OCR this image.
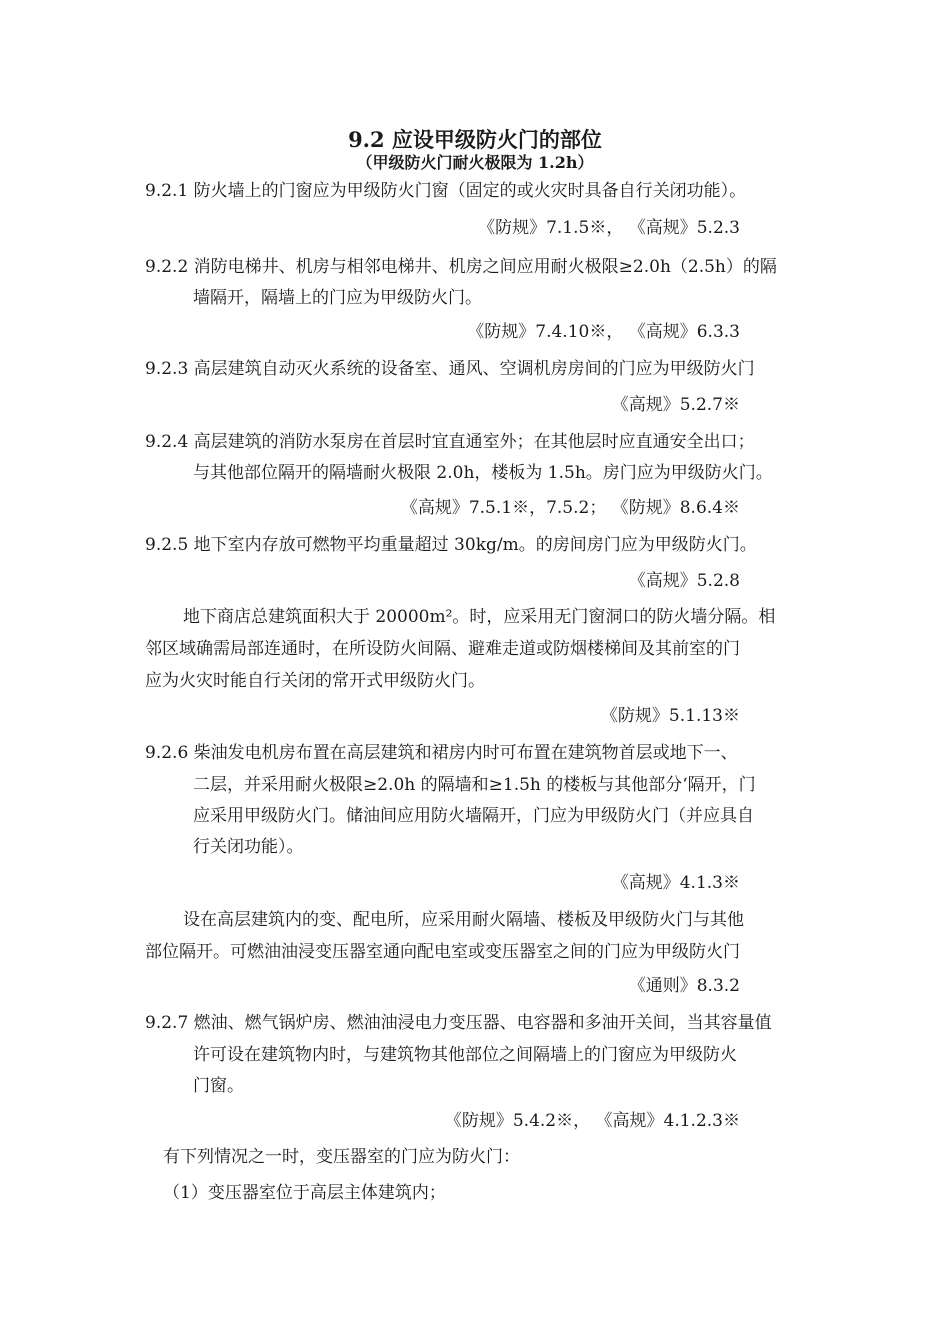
9.2 应设甲级防火门的部位
（甲级防火门耐火极限为 1.2h）
9.2.1 防火墙上的门窗应为甲级防火门窗（固定的或火灾时具备自行关闭功能）。
《防规》7.1.5※， 《高规》5.2.3
9.2.2 消防电梯井、机房与相邻电梯井、机房之间应用耐火极限≥2.0h（2.5h）的隔
墙隔开，隔墙上的门应为甲级防火门。
《防规》7.4.10※， 《高规》6.3.3
9.2.3 高层建筑自动灭火系统的设备室、通风、空调机房房间的门应为甲级防火门
《高规》5.2.7※
9.2.4 高层建筑的消防水泵房在首层时宜直通室外；在其他层时应直通安全出口；
与其他部位隔开的隔墙耐火极限 2.0h，楼板为 1.5h。房门应为甲级防火门。
《高规》7.5.1※，7.5.2； 《防规》8.6.4※
9.2.5 地下室内存放可燃物平均重量超过 30kg/m。的房间房门应为甲级防火门。
《高规》5.2.8
地下商店总建筑面积大于 20000m²。时，应采用无门窗洞口的防火墙分隔。相
邻区域确需局部连通时，在所设防火间隔、避难走道或防烟楼梯间及其前室的门
应为火灾时能自行关闭的常开式甲级防火门。
《防规》5.1.13※
9.2.6 柴油发电机房布置在高层建筑和裙房内时可布置在建筑物首层或地下一、
二层，并采用耐火极限≥2.0h 的隔墙和≥1.5h 的楼板与其他部分‘隔开，门
应采用甲级防火门。储油间应用防火墙隔开，门应为甲级防火门（并应具自
行关闭功能）。
《高规》4.1.3※
设在高层建筑内的变、配电所，应采用耐火隔墙、楼板及甲级防火门与其他
部位隔开。可燃油油浸变压器室通向配电室或变压器室之间的门应为甲级防火门
《通则》8.3.2
9.2.7 燃油、燃气锅炉房、燃油油浸电力变压器、电容器和多油开关间，当其容量值
许可设在建筑物内时，与建筑物其他部位之间隔墙上的门窗应为甲级防火
门窗。
《防规》5.4.2※， 《高规》4.1.2.3※
有下列情况之一时，变压器室的门应为防火门：
（1）变压器室位于高层主体建筑内；
